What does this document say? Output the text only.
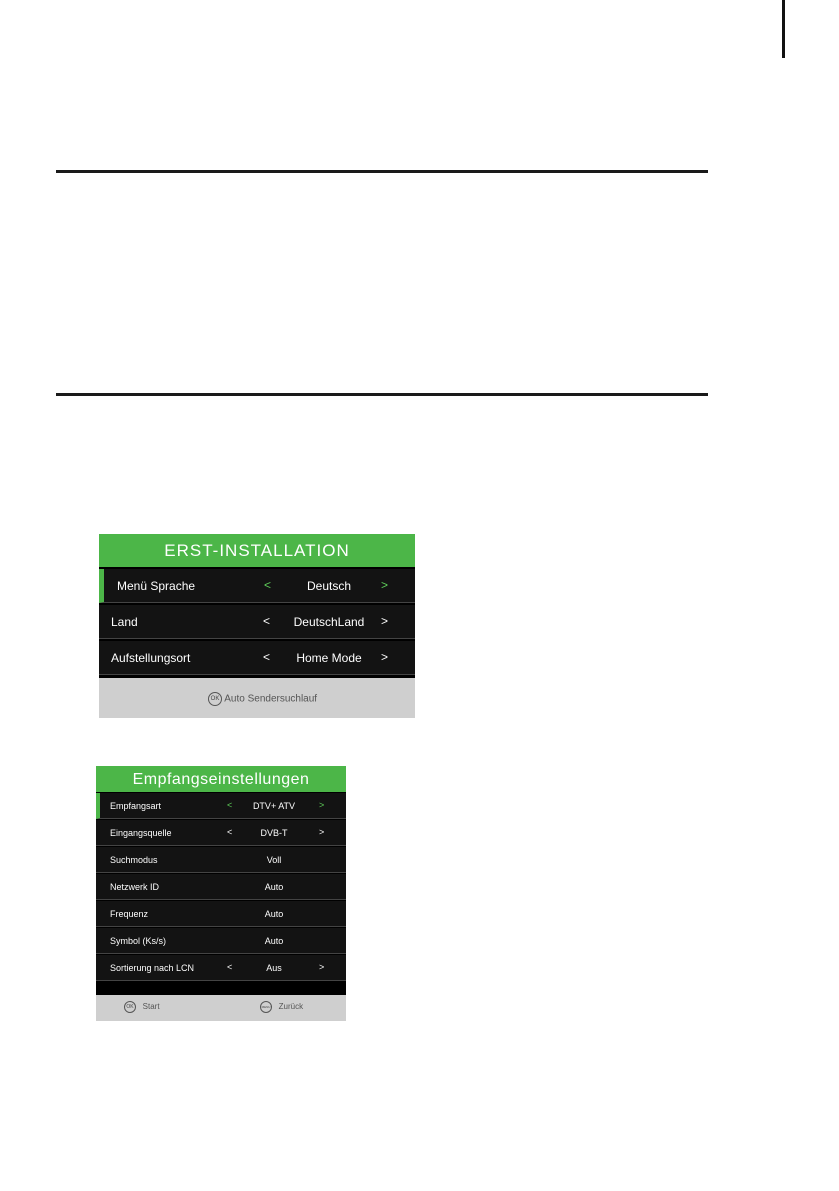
ERST-INSTALLATION
Menü Sprache	<	Deutsch	>
Land	<	DeutschLand	>
Aufstellungsort	<	Home Mode	>
OK Auto Sendersuchlauf
Empfangseinstellungen
Empfangsart	<	DTV+ ATV	>
Eingangsquelle	<	DVB-T	>
Suchmodus	Voll
Netzwerk ID	Auto
Frequenz	Auto
Symbol (Ks/s)	Auto
Sortierung nach LCN	<	Aus	>
OK Start	MENU Zurück
